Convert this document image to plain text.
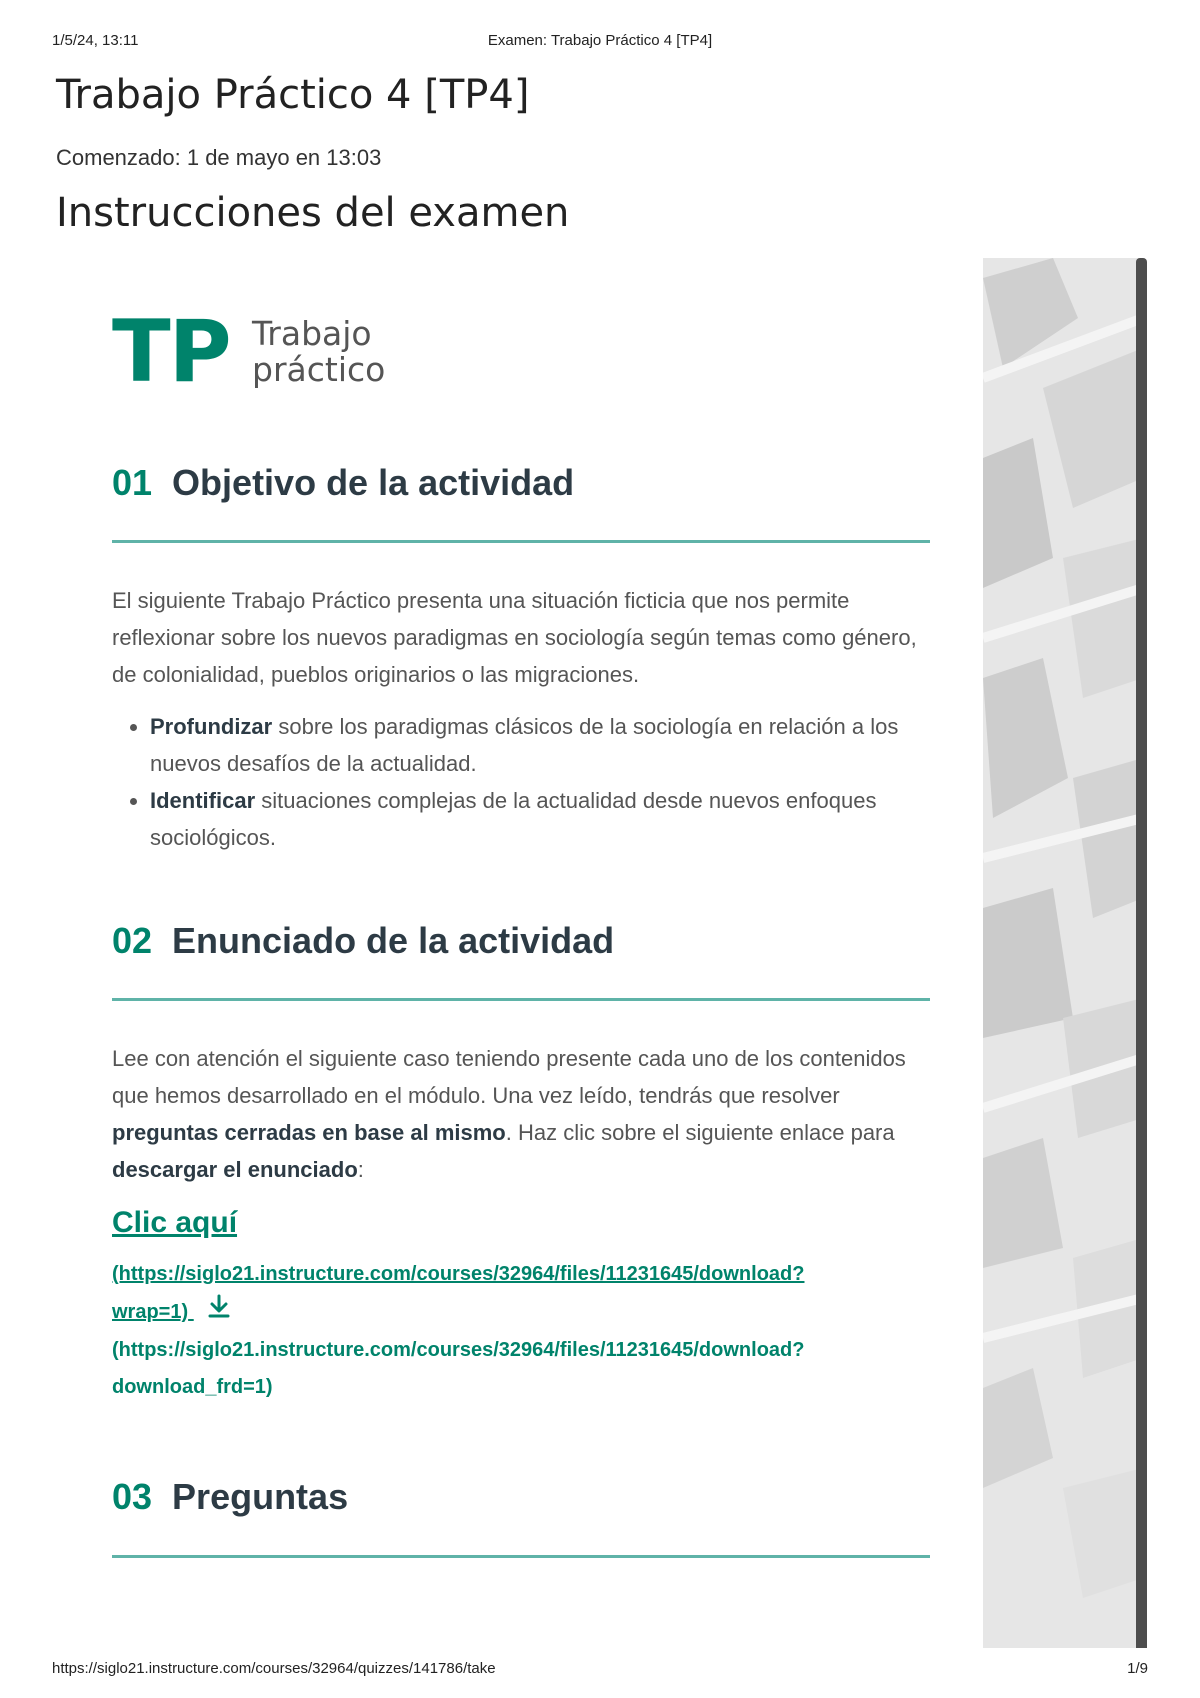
1/5/24, 13:11	Examen: Trabajo Práctico 4 [TP4]
Trabajo Práctico 4 [TP4]
Comenzado: 1 de mayo en 13:03
Instrucciones del examen
TP Trabajo
práctico
01 Objetivo de la actividad

El siguiente Trabajo Práctico presenta una situación ficticia que nos permite reflexionar sobre los nuevos paradigmas en sociología según temas como género, de colonialidad, pueblos originarios o las migraciones.

• Profundizar sobre los paradigmas clásicos de la sociología en relación a los nuevos desafíos de la actualidad.
• Identificar situaciones complejas de la actualidad desde nuevos enfoques sociológicos.
02 Enunciado de la actividad

Lee con atención el siguiente caso teniendo presente cada uno de los contenidos que hemos desarrollado en el módulo. Una vez leído, tendrás que resolver preguntas cerradas en base al mismo. Haz clic sobre el siguiente enlace para descargar el enunciado:

Clic aquí
(https://siglo21.instructure.com/courses/32964/files/11231645/download?
wrap=1)
(https://siglo21.instructure.com/courses/32964/files/11231645/download?
download_frd=1)
03 Preguntas
https://siglo21.instructure.com/courses/32964/quizzes/141786/take	1/9
